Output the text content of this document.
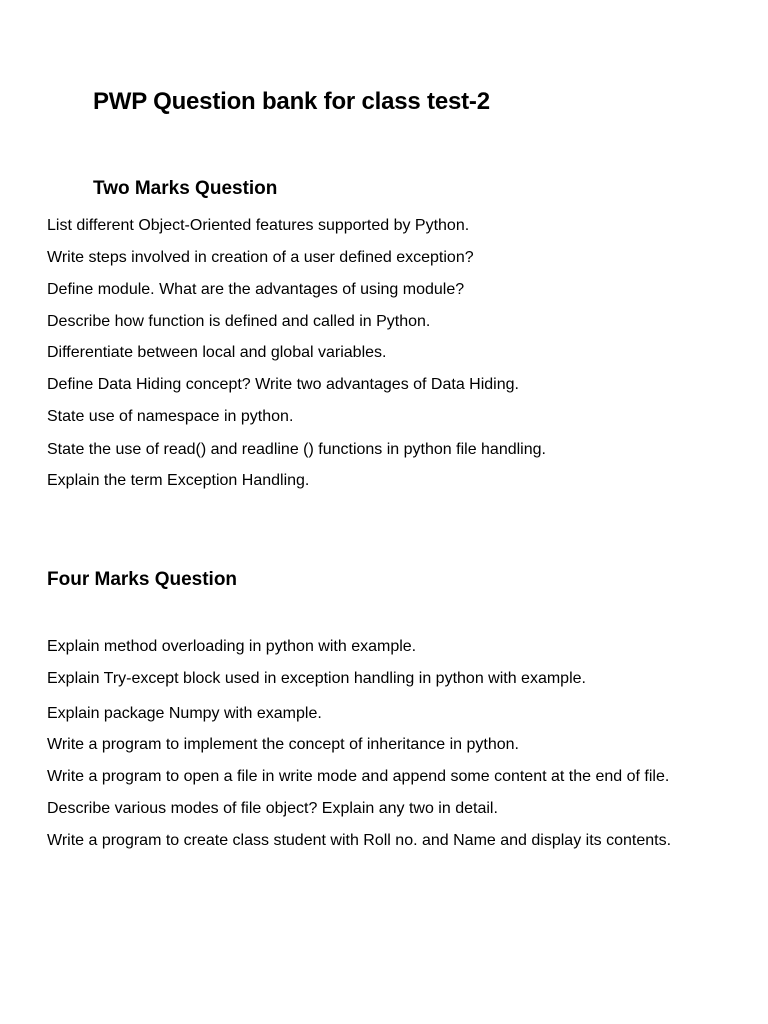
PWP Question bank for class test-2
Two Marks Question
List different Object-Oriented features supported by Python.
Write steps involved in creation of a user defined exception?
Define module. What are the advantages of using module?
Describe how function is defined and called in Python.
Differentiate between local and global variables.
Define Data Hiding concept? Write two advantages of Data Hiding.
State use of namespace in python.
State the use of read() and readline () functions in python file handling.
Explain the term Exception Handling.
Four Marks Question
Explain method overloading in python with example.
Explain Try-except block used in exception handling in python with example.
Explain package Numpy with example.
Write a program to implement the concept of inheritance in python.
Write a program to open a file in write mode and append some content at the end of file.
Describe various modes of file object? Explain any two in detail.
Write a program to create class student with Roll no. and Name and display its contents.
